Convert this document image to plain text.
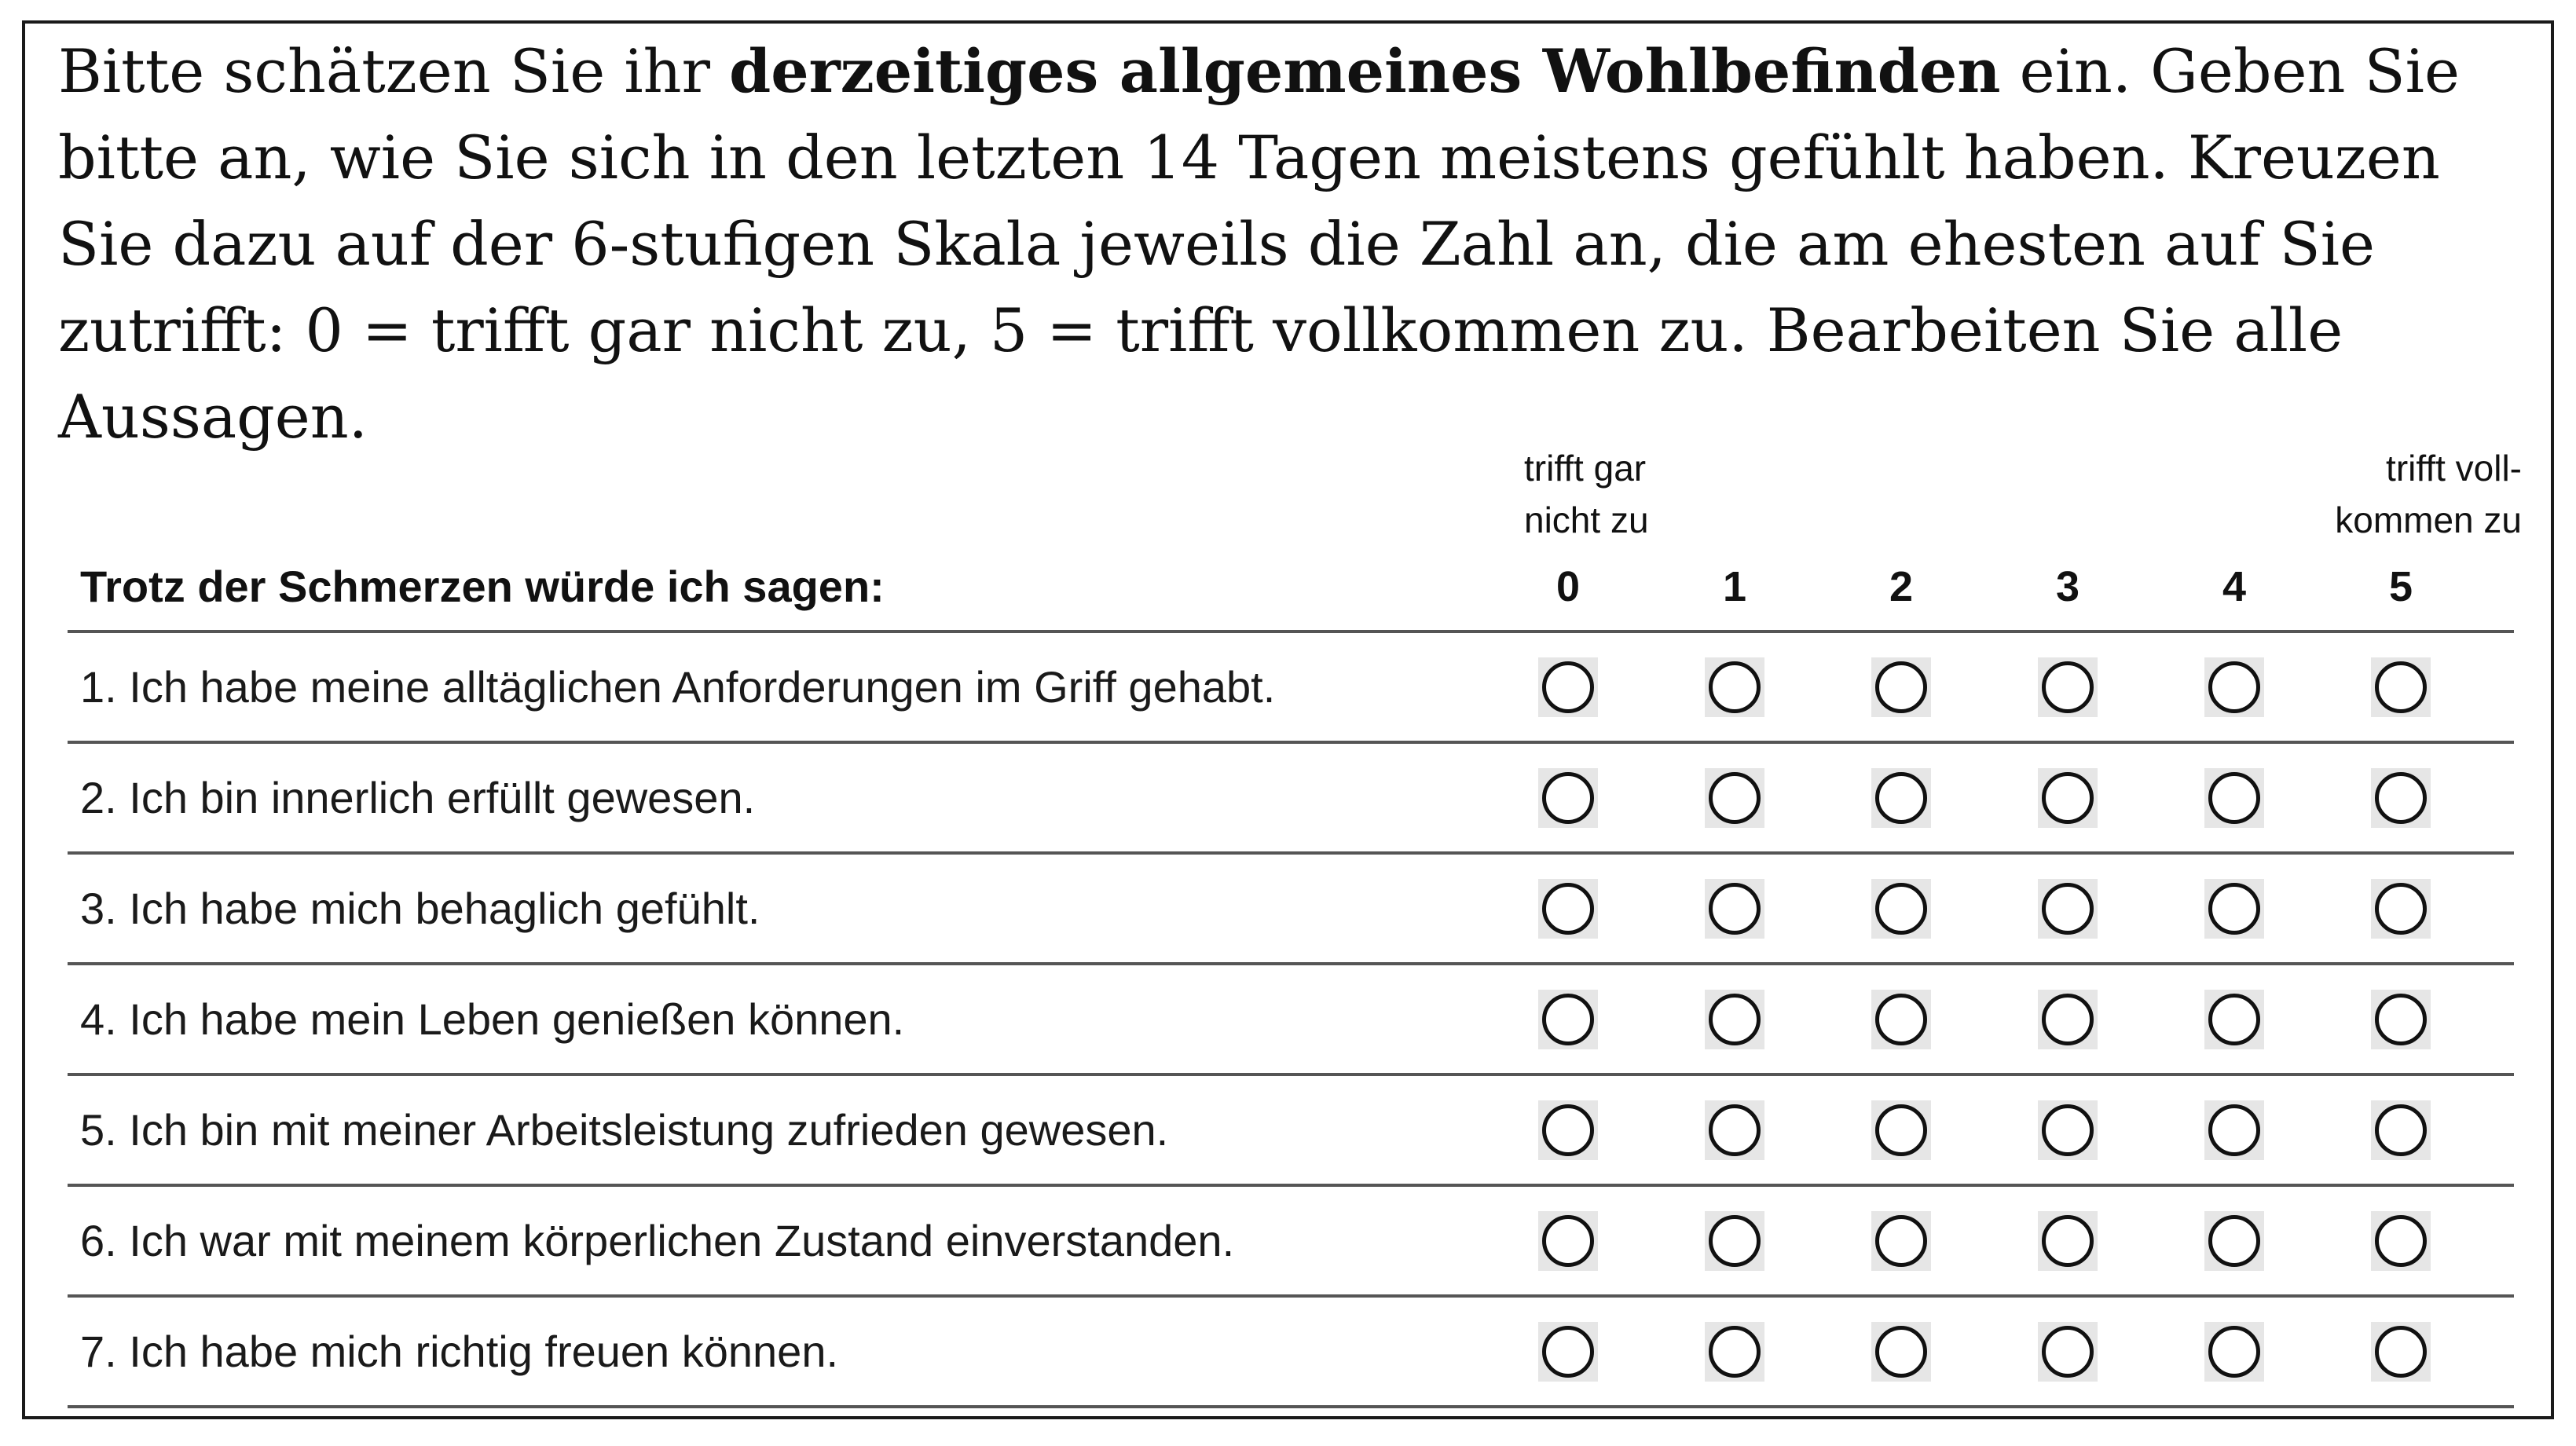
Bitte schätzen Sie ihr derzeitiges allgemeines Wohlbefinden ein. Geben Sie bitte an, wie Sie sich in den letzten 14 Tagen meistens gefühlt haben. Kreuzen Sie dazu auf der 6-stufigen Skala jeweils die Zahl an, die am ehesten auf Sie zutrifft: 0 = trifft gar nicht zu, 5 = trifft vollkommen zu. Bearbeiten Sie alle Aussagen.
trifft gar
nicht zu
trifft voll-
kommen zu
Trotz der Schmerzen würde ich sagen:	0	1	2	3	4	5
1. Ich habe meine alltäglichen Anforderungen im Griff gehabt.
2. Ich bin innerlich erfüllt gewesen.
3. Ich habe mich behaglich gefühlt.
4. Ich habe mein Leben genießen können.
5. Ich bin mit meiner Arbeitsleistung zufrieden gewesen.
6. Ich war mit meinem körperlichen Zustand einverstanden.
7. Ich habe mich richtig freuen können.
